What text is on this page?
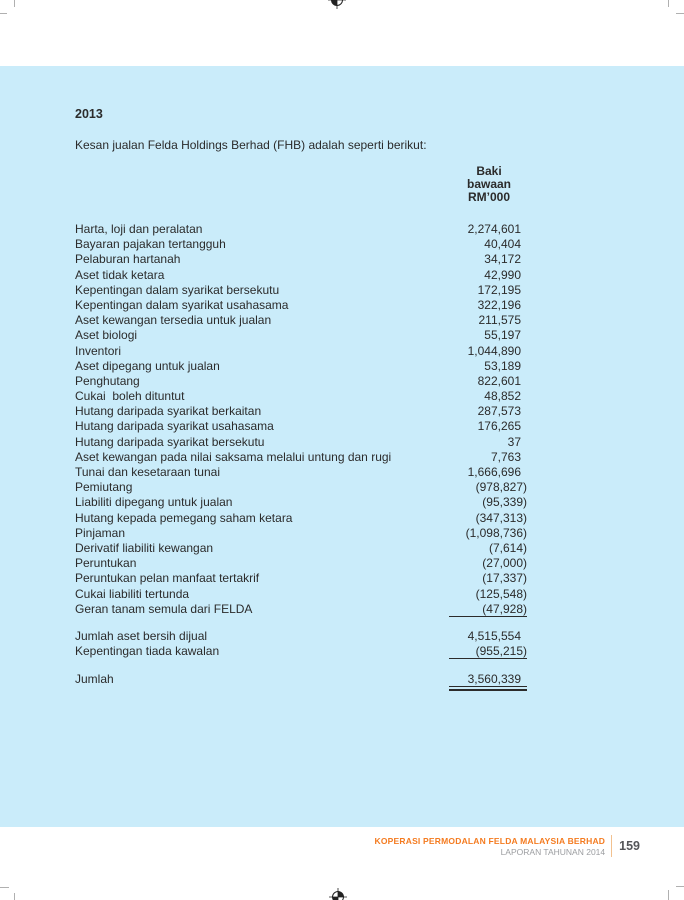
2013
Kesan jualan Felda Holdings Berhad (FHB) adalah seperti berikut:
Baki
bawaan
RM’000
Harta, loji dan peralatan	2,274,601
Bayaran pajakan tertangguh	40,404
Pelaburan hartanah	34,172
Aset tidak ketara	42,990
Kepentingan dalam syarikat bersekutu	172,195
Kepentingan dalam syarikat usahasama	322,196
Aset kewangan tersedia untuk jualan	211,575
Aset biologi	55,197
Inventori	1,044,890
Aset dipegang untuk jualan	53,189
Penghutang	822,601
Cukai  boleh dituntut	48,852
Hutang daripada syarikat berkaitan	287,573
Hutang daripada syarikat usahasama	176,265
Hutang daripada syarikat bersekutu	37
Aset kewangan pada nilai saksama melalui untung dan rugi	7,763
Tunai dan kesetaraan tunai	1,666,696
Pemiutang	(978,827)
Liabiliti dipegang untuk jualan	(95,339)
Hutang kepada pemegang saham ketara	(347,313)
Pinjaman	(1,098,736)
Derivatif liabiliti kewangan	(7,614)
Peruntukan	(27,000)
Peruntukan pelan manfaat tertakrif	(17,337)
Cukai liabiliti tertunda	(125,548)
Geran tanam semula dari FELDA	(47,928)
Jumlah aset bersih dijual	4,515,554
Kepentingan tiada kawalan	(955,215)
Jumlah	3,560,339
KOPERASI PERMODALAN FELDA MALAYSIA BERHAD
LAPORAN TAHUNAN 2014 159
